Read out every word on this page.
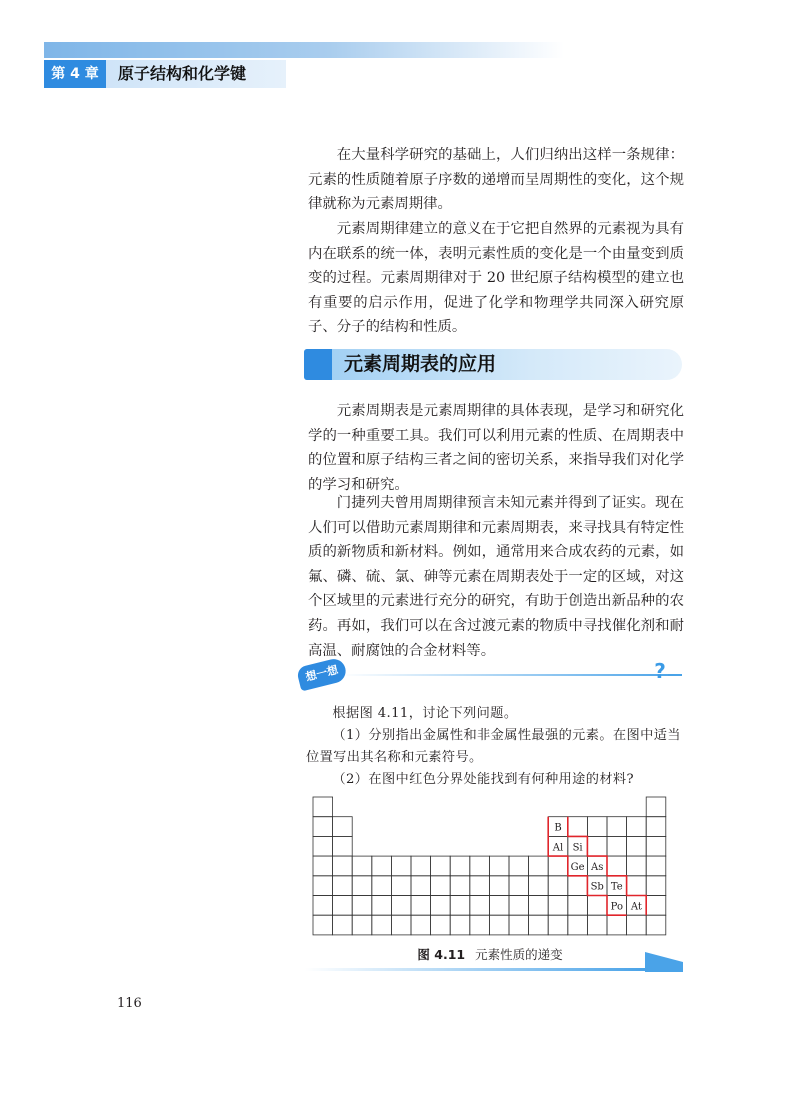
第 4 章	原子结构和化学键

在大量科学研究的基础上，人们归纳出这样一条规律：元素的性质随着原子序数的递增而呈周期性的变化，这个规律就称为元素周期律。

元素周期律建立的意义在于它把自然界的元素视为具有内在联系的统一体，表明元素性质的变化是一个由量变到质变的过程。元素周期律对于 20 世纪原子结构模型的建立也有重要的启示作用，促进了化学和物理学共同深入研究原子、分子的结构和性质。

元素周期表的应用

元素周期表是元素周期律的具体表现，是学习和研究化学的一种重要工具。我们可以利用元素的性质、在周期表中的位置和原子结构三者之间的密切关系，来指导我们对化学的学习和研究。

门捷列夫曾用周期律预言未知元素并得到了证实。现在人们可以借助元素周期律和元素周期表，来寻找具有特定性质的新物质和新材料。例如，通常用来合成农药的元素，如氟、磷、硫、氯、砷等元素在周期表处于一定的区域，对这个区域里的元素进行充分的研究，有助于创造出新品种的农药。再如，我们可以在含过渡元素的物质中寻找催化剂和耐高温、耐腐蚀的合金材料等。

想一想	?

根据图 4.11，讨论下列问题。

（1）分别指出金属性和非金属性最强的元素。在图中适当位置写出其名称和元素符号。

（2）在图中红色分界处能找到有何种用途的材料?

B
Al Si
Ge As
Sb Te
Po At
图 4.11 元素性质的递变
116
